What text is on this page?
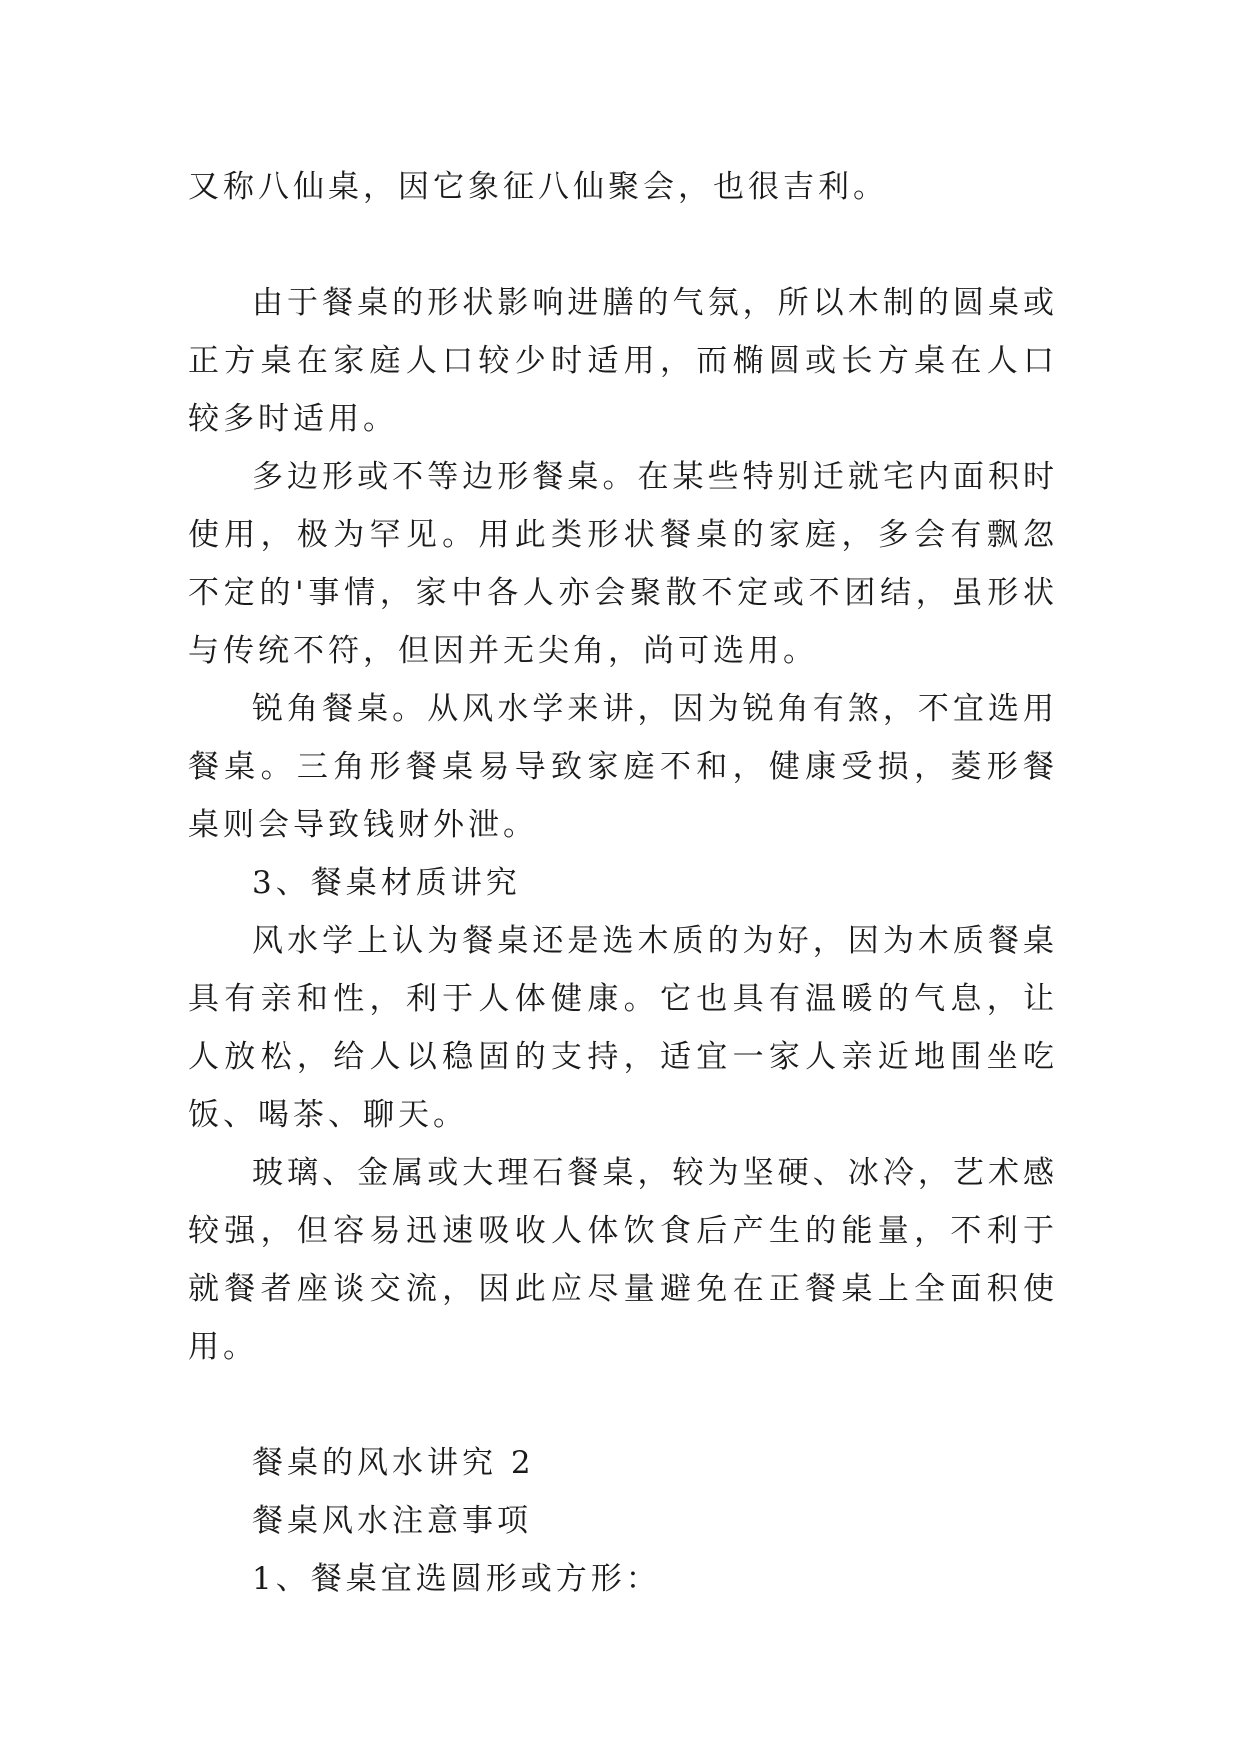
又称八仙桌，因它象征八仙聚会，也很吉利。

由于餐桌的形状影响进膳的气氛，所以木制的圆桌或正方桌在家庭人口较少时适用，而椭圆或长方桌在人口较多时适用。

多边形或不等边形餐桌。在某些特别迁就宅内面积时使用，极为罕见。用此类形状餐桌的家庭，多会有飘忽不定的'事情，家中各人亦会聚散不定或不团结，虽形状与传统不符，但因并无尖角，尚可选用。

锐角餐桌。从风水学来讲，因为锐角有煞，不宜选用餐桌。三角形餐桌易导致家庭不和，健康受损，菱形餐桌则会导致钱财外泄。

3、餐桌材质讲究

风水学上认为餐桌还是选木质的为好，因为木质餐桌具有亲和性，利于人体健康。它也具有温暖的气息，让人放松，给人以稳固的支持，适宜一家人亲近地围坐吃饭、喝茶、聊天。

玻璃、金属或大理石餐桌，较为坚硬、冰冷，艺术感较强，但容易迅速吸收人体饮食后产生的能量，不利于就餐者座谈交流，因此应尽量避免在正餐桌上全面积使用。

餐桌的风水讲究 2

餐桌风水注意事项

1、餐桌宜选圆形或方形：
